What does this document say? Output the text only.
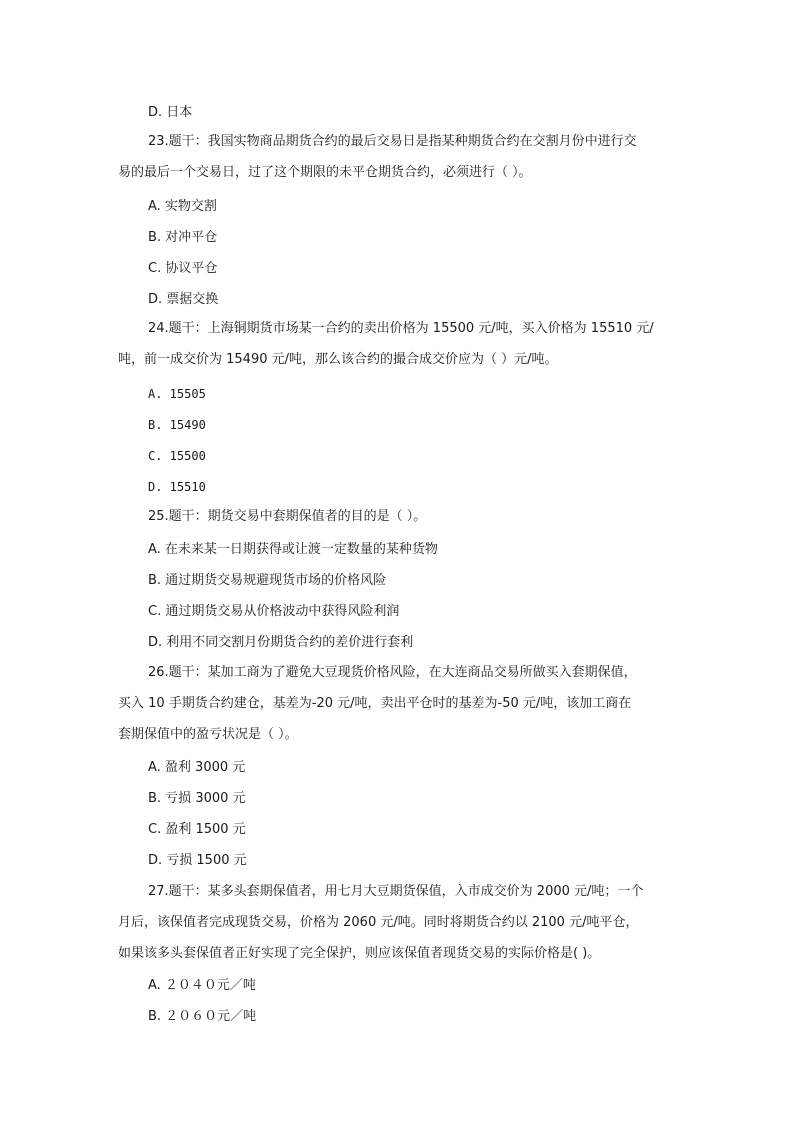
D. 日本
23.题干：我国实物商品期货合约的最后交易日是指某种期货合约在交割月份中进行交
易的最后一个交易日，过了这个期限的未平仓期货合约，必须进行（ ）。
A. 实物交割
B. 对冲平仓
C. 协议平仓
D. 票据交换
24.题干：上海铜期货市场某一合约的卖出价格为 15500 元/吨，买入价格为 15510 元/
吨，前一成交价为 15490 元/吨，那么该合约的撮合成交价应为（ ）元/吨。
A. 15505
B. 15490
C. 15500
D. 15510
25.题干：期货交易中套期保值者的目的是（ ）。
A. 在未来某一日期获得或让渡一定数量的某种货物
B. 通过期货交易规避现货市场的价格风险
C. 通过期货交易从价格波动中获得风险利润
D. 利用不同交割月份期货合约的差价进行套利
26.题干：某加工商为了避免大豆现货价格风险，在大连商品交易所做买入套期保值，
买入 10 手期货合约建仓，基差为-20 元/吨，卖出平仓时的基差为-50 元/吨，该加工商在
套期保值中的盈亏状况是（ ）。
A. 盈利 3000 元
B. 亏损 3000 元
C. 盈利 1500 元
D. 亏损 1500 元
27.题干：某多头套期保值者，用七月大豆期货保值，入市成交价为 2000 元/吨；一个
月后，该保值者完成现货交易，价格为 2060 元/吨。同时将期货合约以 2100 元/吨平仓，
如果该多头套保值者正好实现了完全保护，则应该保值者现货交易的实际价格是( )。
A. ２０４０元／吨
B. ２０６０元／吨
